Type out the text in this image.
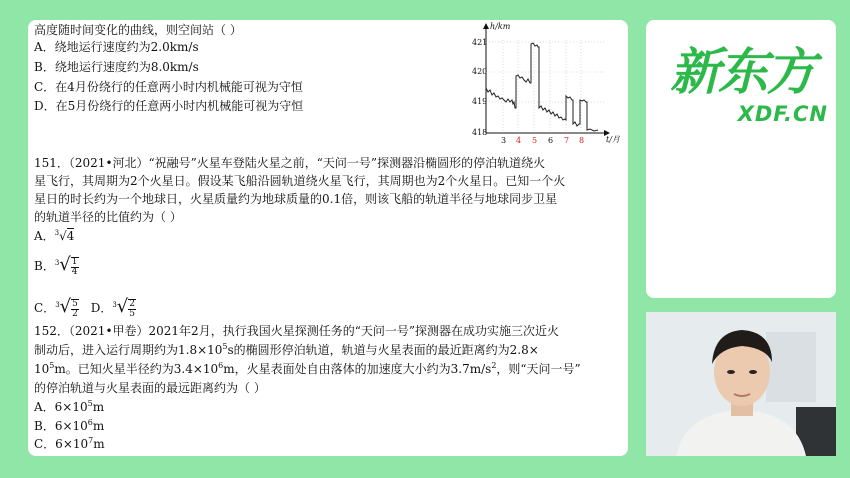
高度随时间变化的曲线，则空间站（ ）
A．绕地运行速度约为2.0km/s
B．绕地运行速度约为8.0km/s
C．在4月份绕行的任意两小时内机械能可视为守恒
D．在5月份绕行的任意两小时内机械能可视为守恒
h/km
t/月
421
420
419
418
3 4 5 6 7 8
151．（2021•河北）“祝融号”火星车登陆火星之前，“天问一号”探测器沿椭圆形的停泊轨道绕火
星飞行，其周期为2个火星日。假设某飞船沿圆轨道绕火星飞行，其周期也为2个火星日。已知一个火
星日的时长约为一个地球日，火星质量约为地球质量的0.1倍，则该飞船的轨道半径与地球同步卫星
的轨道半径的比值约为（ ）
A．$^3$√4
B．$^3√ \frac{1}{4}$
C．$^3√ \frac{5}{2}$ D．$^3√ \frac{2}{5}$
152．（2021•甲卷）2021年2月，执行我国火星探测任务的“天问一号”探测器在成功实施三次近火
制动后，进入运行周期约为$1.8\times 10^5s$的椭圆形停泊轨道，轨道与火星表面的最近距离约为2.8×
$10^5m$。已知火星半径约为$3.4\times 10^6m$，火星表面处自由落体的加速度大小约为$3.7m/s^2$，则“天问一号”
的停泊轨道与火星表面的最远距离约为（ ）
A．$6\times 10^5m$
B．$6\times 10^6m$
C．$6\times 10^7m$
新东方
XDF.CN
